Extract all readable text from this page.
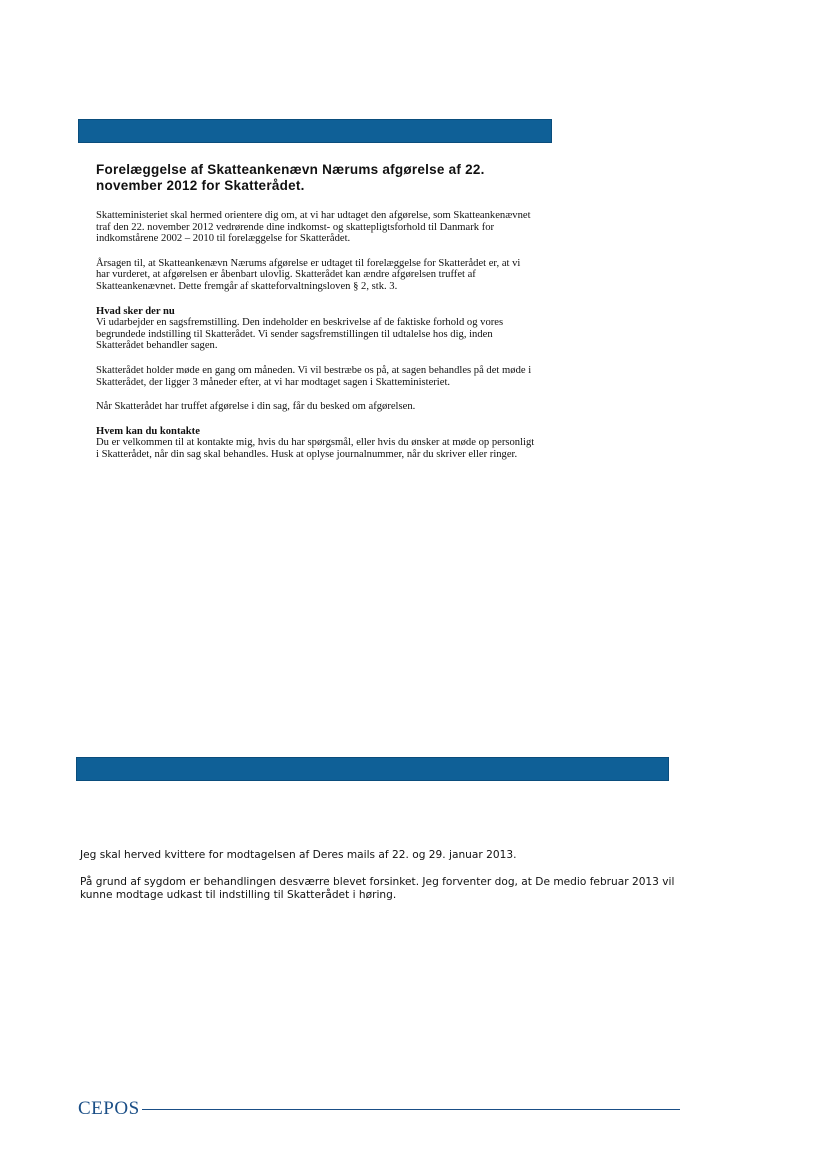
Forelæggelse af Skatteankenævn Nærums afgørelse af 22. november 2012 for Skatterådet.

Skatteministeriet skal hermed orientere dig om, at vi har udtaget den afgørelse, som Skatteankenævnet traf den 22. november 2012 vedrørende dine indkomst- og skattepligtsforhold til Danmark for indkomstårene 2002 – 2010 til forelæggelse for Skatterådet.

Årsagen til, at Skatteankenævn Nærums afgørelse er udtaget til forelæggelse for Skatterådet er, at vi har vurderet, at afgørelsen er åbenbart ulovlig. Skatterådet kan ændre afgørelsen truffet af Skatteankenævnet. Dette fremgår af skatteforvaltningsloven § 2, stk. 3.

Hvad sker der nu

Vi udarbejder en sagsfremstilling. Den indeholder en beskrivelse af de faktiske forhold og vores begrundede indstilling til Skatterådet. Vi sender sagsfremstillingen til udtalelse hos dig, inden Skatterådet behandler sagen.

Skatterådet holder møde en gang om måneden. Vi vil bestræbe os på, at sagen behandles på det møde i Skatterådet, der ligger 3 måneder efter, at vi har modtaget sagen i Skatteministeriet.

Når Skatterådet har truffet afgørelse i din sag, får du besked om afgørelsen.

Hvem kan du kontakte

Du er velkommen til at kontakte mig, hvis du har spørgsmål, eller hvis du ønsker at møde op personligt i Skatterådet, når din sag skal behandles. Husk at oplyse journalnummer, når du skriver eller ringer.

Jeg skal herved kvittere for modtagelsen af Deres mails af 22. og 29. januar 2013.

På grund af sygdom er behandlingen desværre blevet forsinket. Jeg forventer dog, at De medio februar 2013 vil kunne modtage udkast til indstilling til Skatterådet i høring.

CEPOS
